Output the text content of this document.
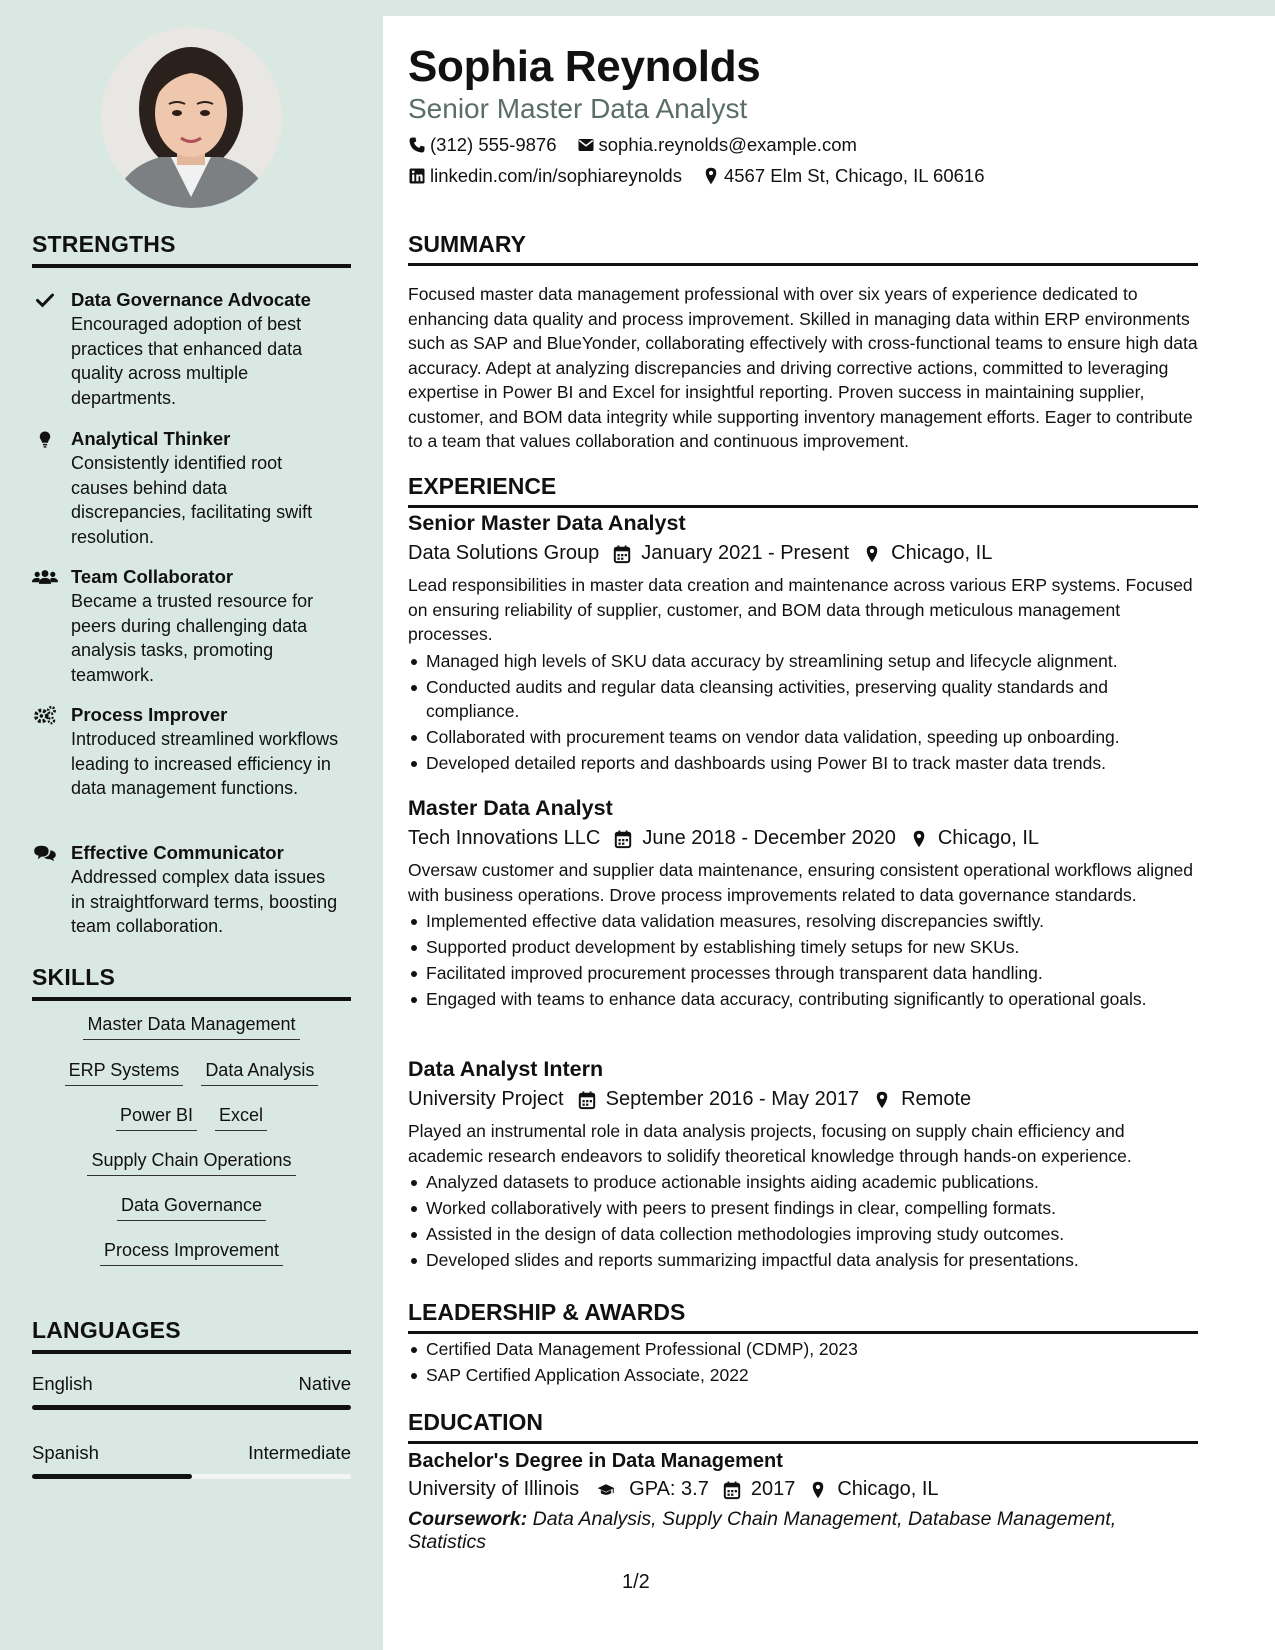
STRENGTHS
Data Governance Advocate
Encouraged adoption of best practices that enhanced data quality across multiple departments.
Analytical Thinker
Consistently identified root causes behind data discrepancies, facilitating swift resolution.
Team Collaborator
Became a trusted resource for peers during challenging data analysis tasks, promoting teamwork.
Process Improver
Introduced streamlined workflows leading to increased efficiency in data management functions.
Effective Communicator
Addressed complex data issues in straightforward terms, boosting team collaboration.
SKILLS
Master Data Management
ERP Systems Data Analysis
Power BI Excel
Supply Chain Operations
Data Governance
Process Improvement
LANGUAGES
English	Native
Spanish	Intermediate
Sophia Reynolds
Senior Master Data Analyst
(312) 555-9876 sophia.reynolds@example.com
linkedin.com/in/sophiareynolds 4567 Elm St, Chicago, IL 60616
SUMMARY
Focused master data management professional with over six years of experience dedicated to enhancing data quality and process improvement. Skilled in managing data within ERP environments such as SAP and BlueYonder, collaborating effectively with cross-functional teams to ensure high data accuracy. Adept at analyzing discrepancies and driving corrective actions, committed to leveraging expertise in Power BI and Excel for insightful reporting. Proven success in maintaining supplier, customer, and BOM data integrity while supporting inventory management efforts. Eager to contribute to a team that values collaboration and continuous improvement.
EXPERIENCE
Senior Master Data Analyst
Data Solutions Group January 2021 - Present Chicago, IL
Lead responsibilities in master data creation and maintenance across various ERP systems. Focused on ensuring reliability of supplier, customer, and BOM data through meticulous management processes.
Managed high levels of SKU data accuracy by streamlining setup and lifecycle alignment.
Conducted audits and regular data cleansing activities, preserving quality standards and compliance.
Collaborated with procurement teams on vendor data validation, speeding up onboarding.
Developed detailed reports and dashboards using Power BI to track master data trends.
Master Data Analyst
Tech Innovations LLC June 2018 - December 2020 Chicago, IL
Oversaw customer and supplier data maintenance, ensuring consistent operational workflows aligned with business operations. Drove process improvements related to data governance standards.
Implemented effective data validation measures, resolving discrepancies swiftly.
Supported product development by establishing timely setups for new SKUs.
Facilitated improved procurement processes through transparent data handling.
Engaged with teams to enhance data accuracy, contributing significantly to operational goals.
Data Analyst Intern
University Project September 2016 - May 2017 Remote
Played an instrumental role in data analysis projects, focusing on supply chain efficiency and academic research endeavors to solidify theoretical knowledge through hands-on experience.
Analyzed datasets to produce actionable insights aiding academic publications.
Worked collaboratively with peers to present findings in clear, compelling formats.
Assisted in the design of data collection methodologies improving study outcomes.
Developed slides and reports summarizing impactful data analysis for presentations.
LEADERSHIP & AWARDS
Certified Data Management Professional (CDMP), 2023
SAP Certified Application Associate, 2022
EDUCATION
Bachelor's Degree in Data Management
University of Illinois	GPA: 3.7 2017 Chicago, IL
Coursework: Data Analysis, Supply Chain Management, Database Management, Statistics
1/2
